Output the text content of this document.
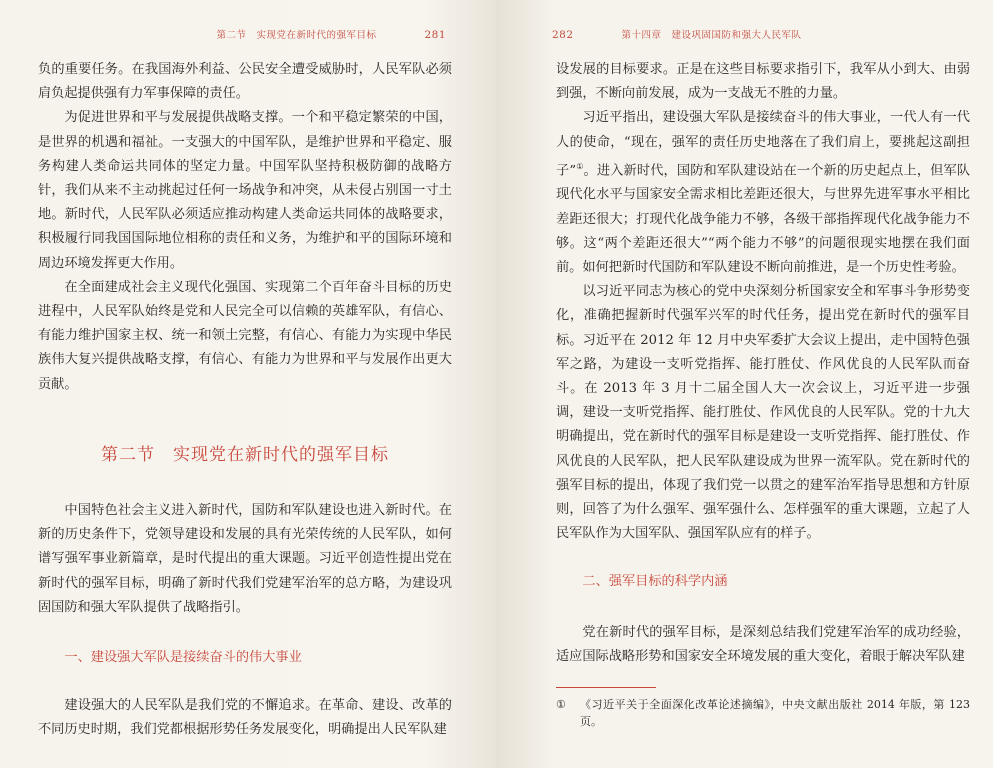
第二节　实现党在新时代的强军目标	281

负的重要任务。在我国海外利益、公民安全遭受威胁时，人民军队必须肩负起提供强有力军事保障的责任。

为促进世界和平与发展提供战略支撑。一个和平稳定繁荣的中国，是世界的机遇和福祉。一支强大的中国军队，是维护世界和平稳定、服务构建人类命运共同体的坚定力量。中国军队坚持积极防御的战略方针，我们从来不主动挑起过任何一场战争和冲突，从未侵占别国一寸土地。新时代，人民军队必须适应推动构建人类命运共同体的战略要求，积极履行同我国国际地位相称的责任和义务，为维护和平的国际环境和周边环境发挥更大作用。

在全面建成社会主义现代化强国、实现第二个百年奋斗目标的历史进程中，人民军队始终是党和人民完全可以信赖的英雄军队，有信心、有能力维护国家主权、统一和领土完整，有信心、有能力为实现中华民族伟大复兴提供战略支撑，有信心、有能力为世界和平与发展作出更大贡献。

第二节　实现党在新时代的强军目标

中国特色社会主义进入新时代，国防和军队建设也进入新时代。在新的历史条件下，党领导建设和发展的具有光荣传统的人民军队，如何谱写强军事业新篇章，是时代提出的重大课题。习近平创造性提出党在新时代的强军目标，明确了新时代我们党建军治军的总方略，为建设巩固国防和强大军队提供了战略指引。

一、建设强大军队是接续奋斗的伟大事业

建设强大的人民军队是我们党的不懈追求。在革命、建设、改革的不同历史时期，我们党都根据形势任务发展变化，明确提出人民军队建

282	第十四章　建设巩固国防和强大人民军队

设发展的目标要求。正是在这些目标要求指引下，我军从小到大、由弱到强，不断向前发展，成为一支战无不胜的力量。

习近平指出，建设强大军队是接续奋斗的伟大事业，一代人有一代人的使命，“现在，强军的责任历史地落在了我们肩上，要挑起这副担子”①。进入新时代，国防和军队建设站在一个新的历史起点上，但军队现代化水平与国家安全需求相比差距还很大，与世界先进军事水平相比差距还很大；打现代化战争能力不够，各级干部指挥现代化战争能力不够。这“两个差距还很大”“两个能力不够”的问题很现实地摆在我们面前。如何把新时代国防和军队建设不断向前推进，是一个历史性考验。

以习近平同志为核心的党中央深刻分析国家安全和军事斗争形势变化，准确把握新时代强军兴军的时代任务，提出党在新时代的强军目标。习近平在 2012 年 12 月中央军委扩大会议上提出，走中国特色强军之路，为建设一支听党指挥、能打胜仗、作风优良的人民军队而奋斗。在 2013 年 3 月十二届全国人大一次会议上，习近平进一步强调，建设一支听党指挥、能打胜仗、作风优良的人民军队。党的十九大明确提出，党在新时代的强军目标是建设一支听党指挥、能打胜仗、作风优良的人民军队，把人民军队建设成为世界一流军队。党在新时代的强军目标的提出，体现了我们党一以贯之的建军治军指导思想和方针原则，回答了为什么强军、强军强什么、怎样强军的重大课题，立起了人民军队作为大国军队、强国军队应有的样子。

二、强军目标的科学内涵

党在新时代的强军目标，是深刻总结我们党建军治军的成功经验，适应国际战略形势和国家安全环境发展的重大变化，着眼于解决军队建

①	《习近平关于全面深化改革论述摘编》，中央文献出版社 2014 年版，第 123 页。
